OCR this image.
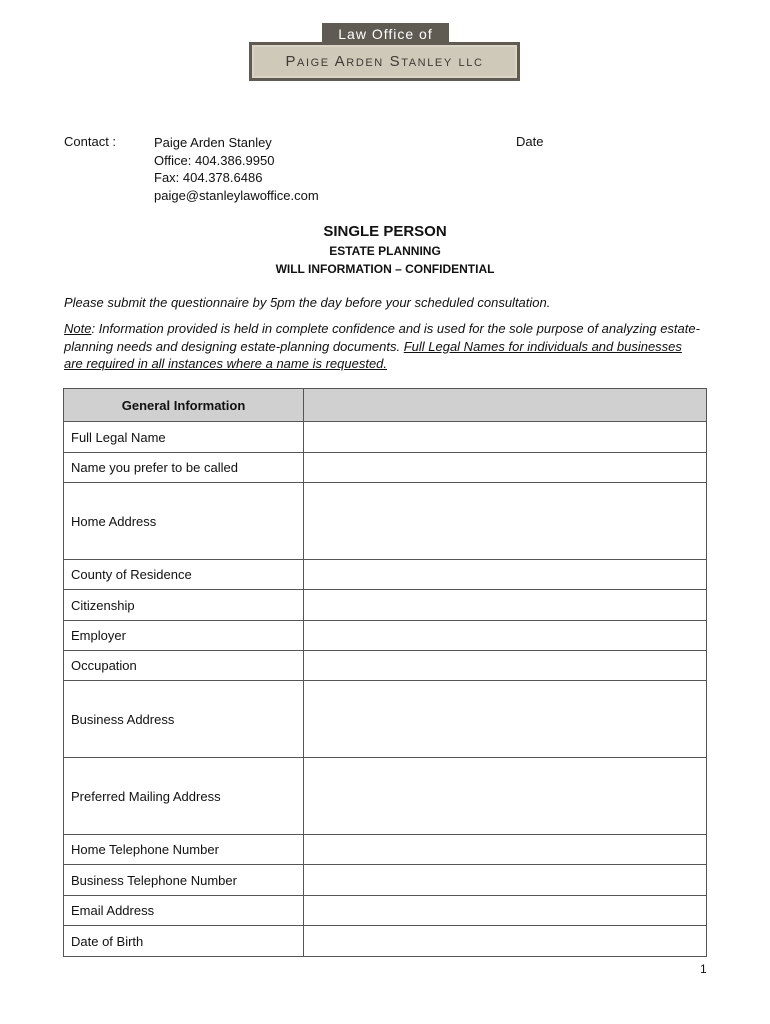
Law Office of
Paige Arden Stanley llc
Contact :	Paige Arden Stanley
Office: 404.386.9950
Fax: 404.378.6486
paige@stanleylawoffice.com
Date
SINGLE PERSON
ESTATE PLANNING
WILL INFORMATION – CONFIDENTIAL
Please submit the questionnaire by 5pm the day before your scheduled consultation.
Note: Information provided is held in complete confidence and is used for the sole purpose of analyzing estate-planning needs and designing estate-planning documents. Full Legal Names for individuals and businesses are required in all instances where a name is requested.
General Information	
Full Legal Name	
Name you prefer to be called	
Home Address	
County of Residence	
Citizenship	
Employer	
Occupation	
Business Address	
Preferred Mailing Address	
Home Telephone Number	
Business Telephone Number	
Email Address	
Date of Birth	
1
